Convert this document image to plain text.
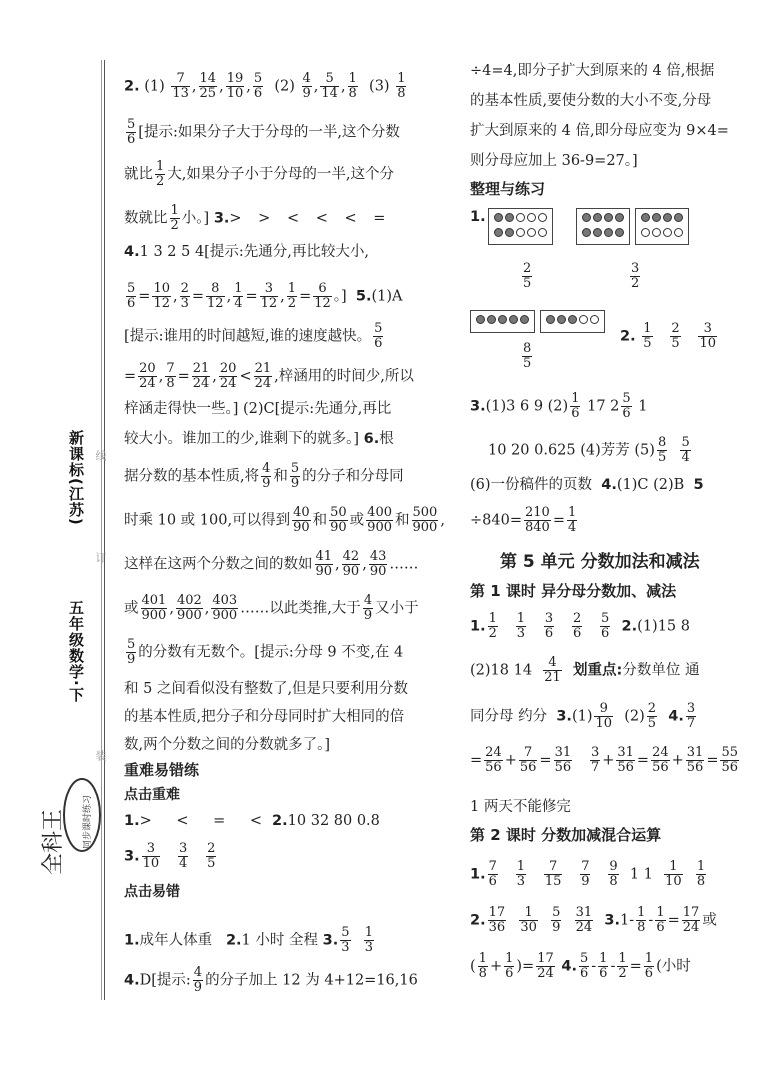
新课标(江苏)
五年级数学·下
线
订
装
全科王 同步课时练习
2. $(1) \frac{7}{13}$ , $\frac{14}{25}$ , $\frac{19}{10}$ , $\frac{5}{6} (2) \frac{4}{9}$ , $\frac{5}{14}$ , $\frac{1}{8} (3) \frac{1}{8}$
$\frac{5}{6}$ [提示:如果分子大于分母的一半,这个分数
就比 $\frac{1}{2}$ 大,如果分子小于分母的一半,这个分
数就比 $\frac{1}{2}$ 小。] 3.> > < < < =
4.1 3 2 5 4[提示:先通分,再比较大小,
$\frac{5}{6} = \frac{10}{12}$ , $\frac{2}{3} = \frac{8}{12}$ , $\frac{1}{4} = \frac{3}{12}$ , $\frac{1}{2} = \frac{6}{12}$ 。] 5.(1)A
[提示:谁用的时间越短,谁的速度越快。 $\frac{5}{6}$
= $\frac{20}{24}$ , $\frac{7}{8} = \frac{21}{24}$ , $\frac{20}{24} < \frac{21}{24}$ ,梓涵用的时间少,所以
梓涵走得快一些。] (2)C[提示:先通分,再比
较大小。谁加工的少,谁剩下的就多。] 6.根
据分数的基本性质,将 $\frac{4}{9}$ 和 $\frac{5}{9}$ 的分子和分母同
时乘 10 或 100,可以得到 $\frac{40}{90}$ 和 $\frac{50}{90}$ 或 $\frac{400}{900}$ 和 $\frac{500}{900}$ ,
这样在这两个分数之间的数如 $\frac{41}{90}$ , $\frac{42}{90}$ , $\frac{43}{90}$ ……
或 $\frac{401}{900}$ , $\frac{402}{900}$ , $\frac{403}{900}$ ……以此类推,大于 $\frac{4}{9}$ 又小于
$\frac{5}{9}$ 的分数有无数个。[提示:分母 9 不变,在 4
和 5 之间看似没有整数了,但是只要利用分数
的基本性质,把分子和分母同时扩大相同的倍
数,两个分数之间的分数就多了。]
重难易错练
点击重难
1.> < = <2.10 32 80 0.8
3. $\frac{3}{10}$
$\frac{3}{4}$
$\frac{2}{5}$
点击易错
1.成年人体重 2.1 小时 全程 3. $\frac{5}{3}$
$\frac{1}{3}$
4.D[提示: $\frac{4}{9}$ 的分子加上 12 为 4+12=16,16
÷4=4,即分子扩大到原来的 4 倍,根据
的基本性质,要使分数的大小不变,分母
扩大到原来的 4 倍,即分母应变为 9×4=
则分母应加上 36-9=27。]
整理与练习
1.

$\frac{2}{5}$	$\frac{3}{2}$

$\frac{8}{5}$
2. $\frac{1}{5}$
$\frac{2}{5}$
$\frac{3}{10}$
3.(1)3 6 9 $(2) \frac{1}{6} 17$ $2 \frac{5}{6} 1$
10 20 0.625 (4)芳芳 $(5) \frac{8}{5}$
$\frac{5}{4}$
(6)一份稿件的页数 4.(1)C (2)B 5
$\div 840= \frac{210}{840} = \frac{1}{4}$
第 5 单元 分数加法和减法
第 1 课时 异分母分数加、减法
1. $\frac{1}{2}$
$\frac{1}{3}$
$\frac{3}{6}$
$\frac{2}{6}$
$\frac{5}{6} 2.(1)15$ 8
(2)18 $14 \frac{4}{21}$ 划重点:分数单位 通
同分母 约分 $3.(1) \frac{9}{10} (2) \frac{2}{5} 4$. $\frac{3}{7}$
= $\frac{24}{56} + \frac{7}{56} = \frac{31}{56}$
$\frac{3}{7} + \frac{31}{56} = \frac{24}{56} + \frac{31}{56} = \frac{55}{56}$
1 两天不能修完
第 2 课时 分数加减混合运算
1. $\frac{7}{6}$
$\frac{1}{3}$
$\frac{7}{15}$
$\frac{7}{9}$
$\frac{9}{8} 1$ $1 \frac{1}{10}$
$\frac{1}{8}$
2. $\frac{17}{36}$
$\frac{1}{30}$
$\frac{5}{9}$
$\frac{31}{24} 3.1- \frac{1}{8} - \frac{1}{6} = \frac{17}{24}$ 或
( $\frac{1}{8} + \frac{1}{6}$ )= $\frac{17}{24} 4$. $\frac{5}{6} - \frac{1}{6} - \frac{1}{2} = \frac{1}{6}$ (小时
